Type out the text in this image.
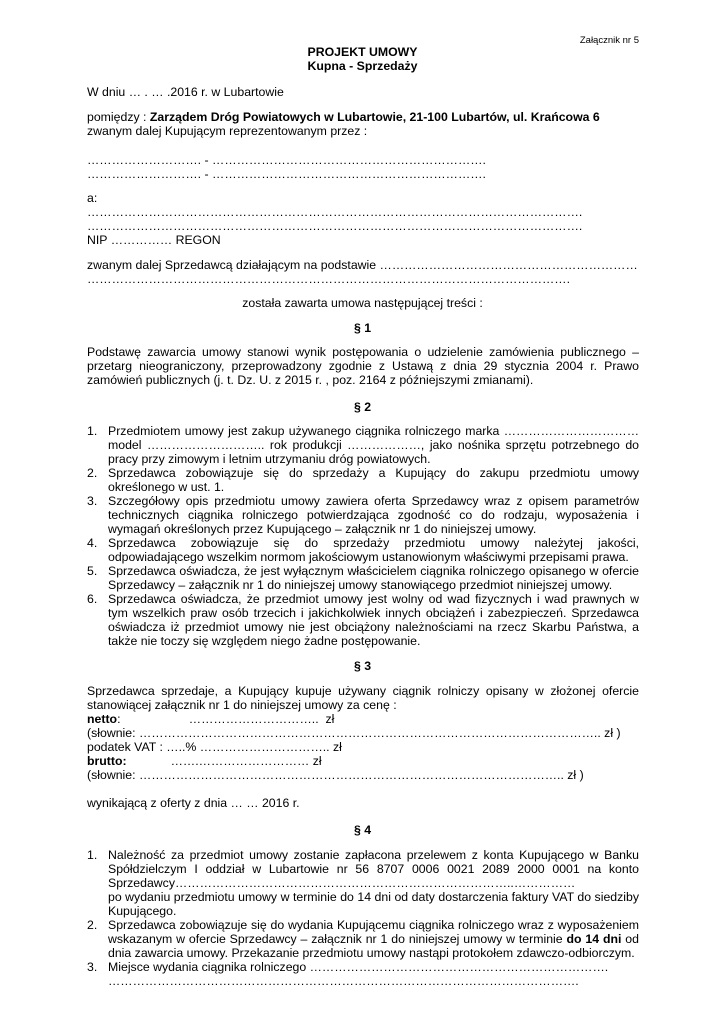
Załącznik nr 5
PROJEKT UMOWY
Kupna - Sprzedaży
W dniu … . … .2016 r. w Lubartowie
pomiędzy : Zarządem Dróg Powiatowych w Lubartowie, 21-100 Lubartów, ul. Krańcowa 6
zwanym dalej Kupującym reprezentowanym przez :
………………………. - ………………………………………………………….
………………………. - ………………………………………………………….
a:
………………………………………………………………………………………………………….
………………………………………………………………………………………………………….
NIP …………… REGON
zwanym dalej Sprzedawcą działającym na podstawie ………………………………………………………
……………………………………………………………………………………………………….
została zawarta umowa następującej treści :
§ 1
Podstawę zawarcia umowy stanowi wynik postępowania o udzielenie zamówienia publicznego – przetarg nieograniczony, przeprowadzony zgodnie z Ustawą z dnia 29 stycznia 2004 r. Prawo zamówień publicznych (j. t. Dz. U. z 2015 r. , poz. 2164 z późniejszymi zmianami).
§ 2
1. Przedmiotem umowy jest zakup używanego ciągnika rolniczego marka …………………………… model ……………………….. rok produkcji ………………, jako nośnika sprzętu potrzebnego do pracy przy zimowym i letnim utrzymaniu dróg powiatowych.
2. Sprzedawca zobowiązuje się do sprzedaży a Kupujący do zakupu przedmiotu umowy określonego w ust. 1.
3. Szczegółowy opis przedmiotu umowy zawiera oferta Sprzedawcy wraz z opisem parametrów technicznych ciągnika rolniczego potwierdzająca zgodność co do rodzaju, wyposażenia i wymagań określonych przez Kupującego – załącznik nr 1 do niniejszej umowy.
4. Sprzedawca zobowiązuje się do sprzedaży przedmiotu umowy należytej jakości, odpowiadającego wszelkim normom jakościowym ustanowionym właściwymi przepisami prawa.
5. Sprzedawca oświadcza, że jest wyłącznym właścicielem ciągnika rolniczego opisanego w ofercie Sprzedawcy – załącznik nr 1 do niniejszej umowy stanowiącego przedmiot niniejszej umowy.
6. Sprzedawca oświadcza, że przedmiot umowy jest wolny od wad fizycznych i wad prawnych w tym wszelkich praw osób trzecich i jakichkolwiek innych obciążeń i zabezpieczeń. Sprzedawca oświadcza iż przedmiot umowy nie jest obciążony należnościami na rzecz Skarbu Państwa, a także nie toczy się względem niego żadne postępowanie.
§ 3
Sprzedawca sprzedaje, a Kupujący kupuje używany ciągnik rolniczy opisany w złożonej ofercie stanowiącej załącznik nr 1 do niniejszej umowy za cenę :
netto:                    …………………………..  zł
(słownie: ………………………………………………………………………………………………….. zł )
podatek VAT : …..% ………………………….. zł
brutto:	…….……………………… zł
(słownie: ………………………………………………………………………………………….. zł )
wynikającą z oferty z dnia … … 2016 r.
§ 4
1. Należność za przedmiot umowy zostanie zapłacona przelewem z konta Kupującego w Banku Spółdzielczym I oddział w Lubartowie nr 56 8707 0006 0021 2089 2000 0001 na konto Sprzedawcy………………………………………………………………………..……………
po wydaniu przedmiotu umowy w terminie do 14 dni od daty dostarczenia faktury VAT do siedziby Kupującego.
2. Sprzedawca zobowiązuje się do wydania Kupującemu ciągnika rolniczego wraz z wyposażeniem wskazanym w ofercie Sprzedawcy – załącznik nr 1 do niniejszej umowy w terminie do 14 dni od dnia zawarcia umowy. Przekazanie przedmiotu umowy nastąpi protokołem zdawczo-odbiorczym.
3. Miejsce wydania ciągnika rolniczego ……………………………………………………………….
…………………………………………………………………………………………………….
